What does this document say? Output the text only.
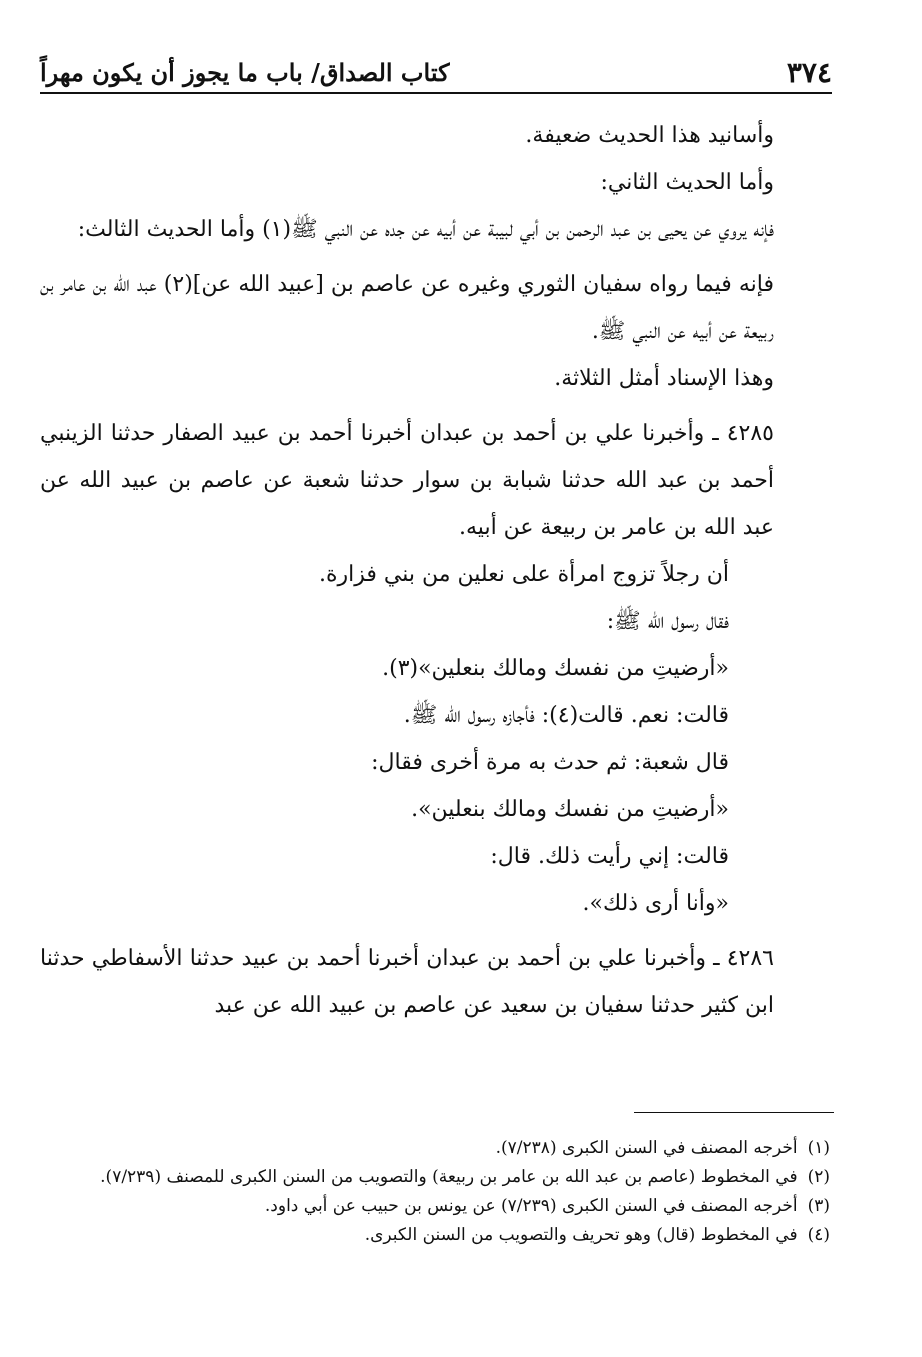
٣٧٤
كتاب الصداق/ باب ما يجوز أن يكون مهراً

وأسانيد هذا الحديث ضعيفة.

وأما الحديث الثاني:

فإنه يروي عن يحيى بن عبد الرحمن بن أبي لبيبة عن أبيه عن جده عن النبي ﷺ(١) وأما الحديث الثالث:

فإنه فيما رواه سفيان الثوري وغيره عن عاصم بن [عبيد الله عن](٢) عبد الله بن عامر بن ربيعة عن أبيه عن النبي ﷺ.

وهذا الإسناد أمثل الثلاثة.

٤٢٨٥ ـ وأخبرنا علي بن أحمد بن عبدان أخبرنا أحمد بن عبيد الصفار حدثنا الزينبي أحمد بن عبد الله حدثنا شبابة بن سوار حدثنا شعبة عن عاصم بن عبيد الله عن عبد الله بن عامر بن ربيعة عن أبيه.

أن رجلاً تزوج امرأة على نعلين من بني فزارة.

فقال رسول الله ﷺ:

«أرضيتِ من نفسك ومالك بنعلين»(٣).

قالت: نعم. قالت(٤): فأجازه رسول الله ﷺ.

قال شعبة: ثم حدث به مرة أخرى فقال:

«أرضيتِ من نفسك ومالك بنعلين».

قالت: إني رأيت ذلك. قال:

«وأنا أرى ذلك».

٤٢٨٦ ـ وأخبرنا علي بن أحمد بن عبدان أخبرنا أحمد بن عبيد حدثنا الأسفاطي حدثنا ابن كثير حدثنا سفيان بن سعيد عن عاصم بن عبيد الله عن عبد

(١)
أخرجه المصنف في السنن الكبرى (٧/٢٣٨).
(٢)
في المخطوط (عاصم بن عبد الله بن عامر بن ربيعة) والتصويب من السنن الكبرى للمصنف (٧/٢٣٩).
(٣)
أخرجه المصنف في السنن الكبرى (٧/٢٣٩) عن يونس بن حبيب عن أبي داود.
(٤)
في المخطوط (قال) وهو تحريف والتصويب من السنن الكبرى.
